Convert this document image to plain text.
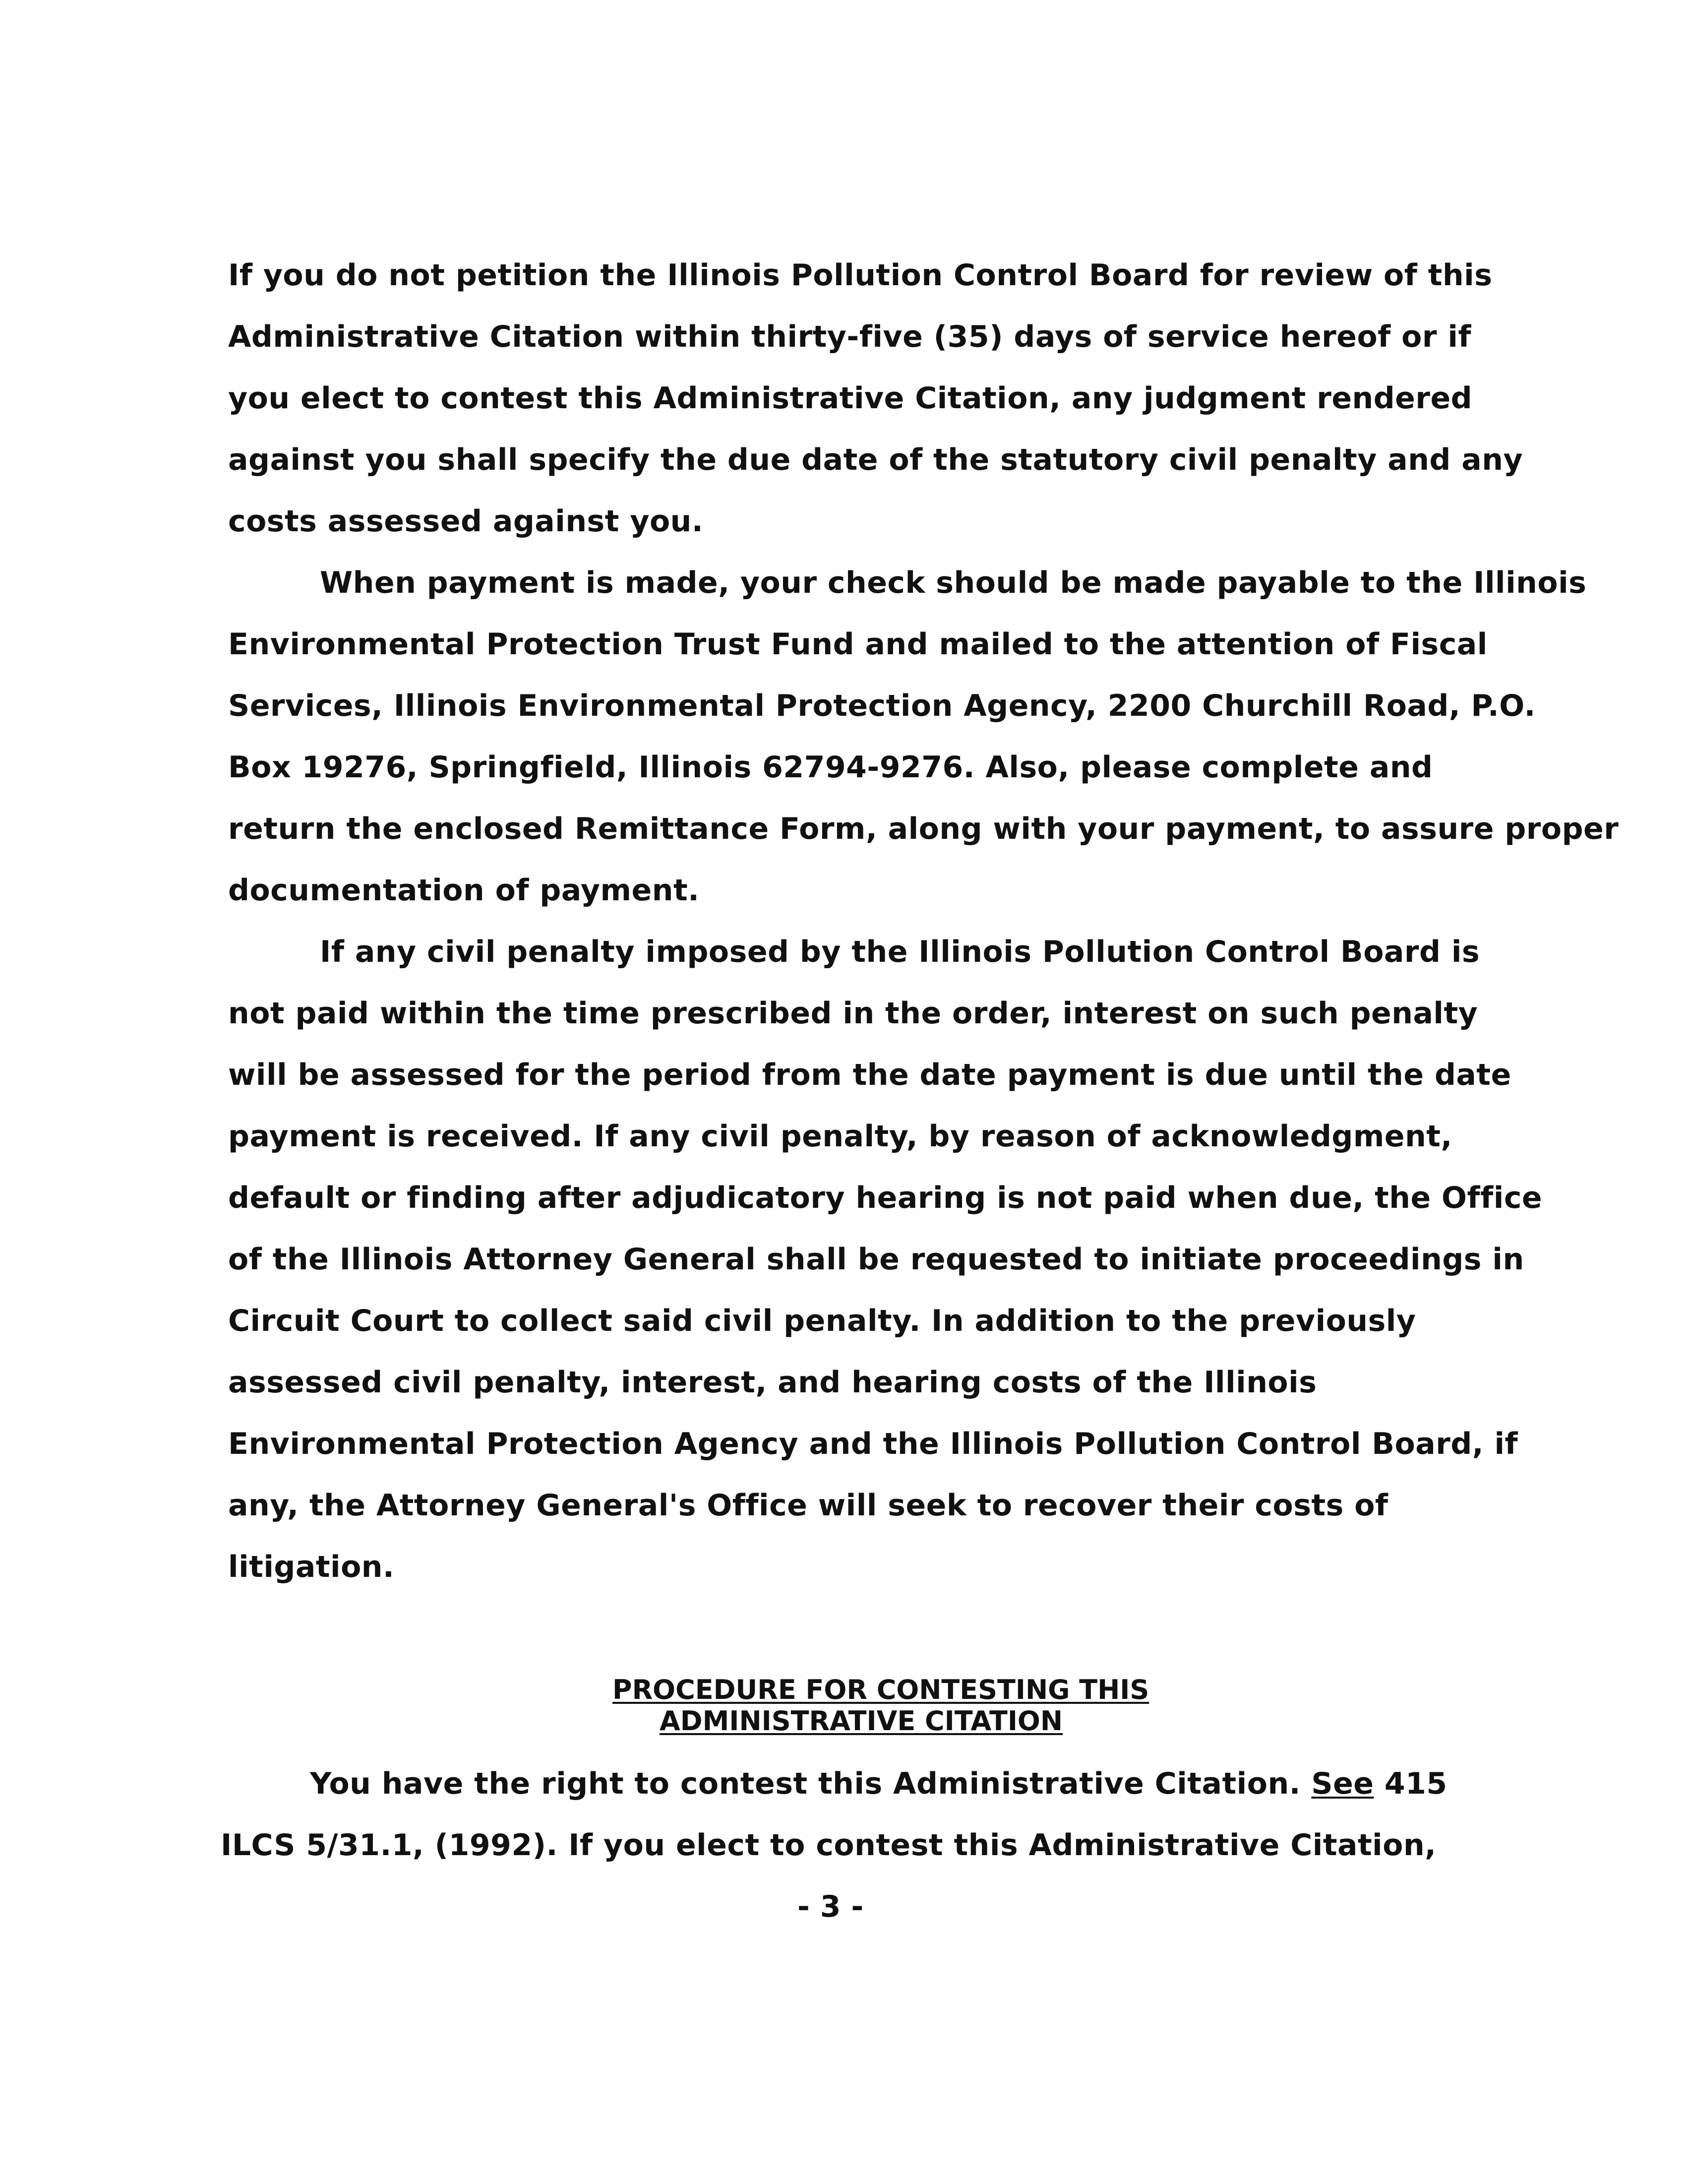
If you do not petition the Illinois Pollution Control Board for review of this
Administrative Citation within thirty-five (35) days of service hereof or if
you elect to contest this Administrative Citation, any judgment rendered
against you shall specify the due date of the statutory civil penalty and any
costs assessed against you.
When payment is made, your check should be made payable to the Illinois
Environmental Protection Trust Fund and mailed to the attention of Fiscal
Services, Illinois Environmental Protection Agency, 2200 Churchill Road, P.O.
Box 19276, Springfield, Illinois 62794-9276. Also, please complete and
return the enclosed Remittance Form, along with your payment, to assure proper
documentation of payment.
If any civil penalty imposed by the Illinois Pollution Control Board is
not paid within the time prescribed in the order, interest on such penalty
will be assessed for the period from the date payment is due until the date
payment is received. If any civil penalty, by reason of acknowledgment,
default or finding after adjudicatory hearing is not paid when due, the Office
of the Illinois Attorney General shall be requested to initiate proceedings in
Circuit Court to collect said civil penalty. In addition to the previously
assessed civil penalty, interest, and hearing costs of the Illinois
Environmental Protection Agency and the Illinois Pollution Control Board, if
any, the Attorney General's Office will seek to recover their costs of
litigation.
PROCEDURE FOR CONTESTING THIS
ADMINISTRATIVE CITATION
You have the right to contest this Administrative Citation. See 415
ILCS 5/31.1, (1992). If you elect to contest this Administrative Citation,
- 3 -
